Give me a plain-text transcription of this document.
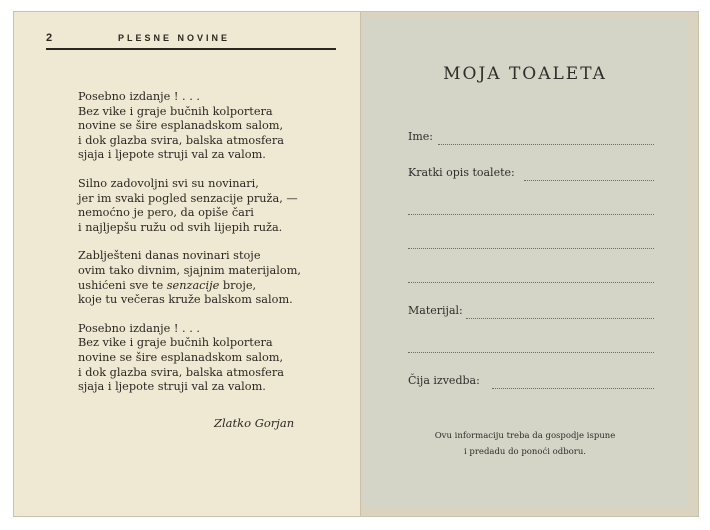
2	PLESNE NOVINE
Posebno izdanje ! . . .
Bez vike i graje bučnih kolportera
novine se šire esplanadskom salom,
i dok glazba svira, balska atmosfera
sjaja i ljepote struji val za valom.
Silno zadovoljni svi su novinari,
jer im svaki pogled senzacije pruža, —
nemoćno je pero, da opiše čari
i najljepšu ružu od svih lijepih ruža.
Zablješteni danas novinari stoje
ovim tako divnim, sjajnim materijalom,
ushićeni sve te senzacije broje,
koje tu večeras kruže balskom salom.
Posebno izdanje ! . . .
Bez vike i graje bučnih kolportera
novine se šire esplanadskom salom,
i dok glazba svira, balska atmosfera
sjaja i ljepote struji val za valom.
Zlatko Gorjan
MOJA TOALETA
Ime:
Kratki opis toalete:
Materijal:
Čija izvedba:
Ovu informaciju treba da gospodje ispune
i predadu do ponoći odboru.
